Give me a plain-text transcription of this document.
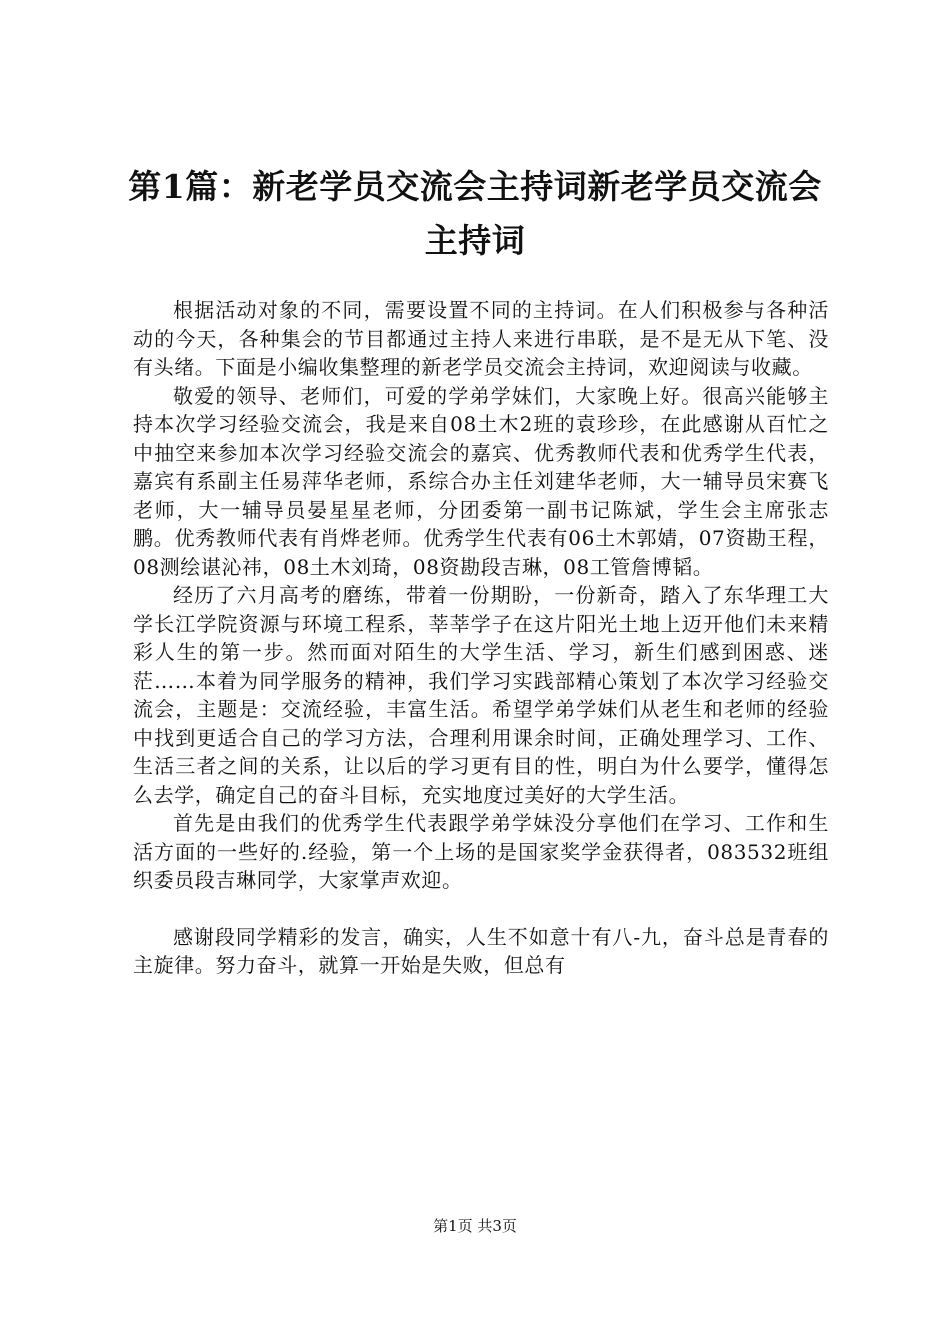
第1篇：新老学员交流会主持词新老学员交流会主持词

根据活动对象的不同，需要设置不同的主持词。在人们积极参与各种活动的今天，各种集会的节目都通过主持人来进行串联，是不是无从下笔、没有头绪。下面是小编收集整理的新老学员交流会主持词，欢迎阅读与收藏。

敬爱的领导、老师们，可爱的学弟学妹们，大家晚上好。很高兴能够主持本次学习经验交流会，我是来自08土木2班的袁珍珍，在此感谢从百忙之中抽空来参加本次学习经验交流会的嘉宾、优秀教师代表和优秀学生代表，嘉宾有系副主任易萍华老师，系综合办主任刘建华老师，大一辅导员宋赛飞老师，大一辅导员晏星星老师，分团委第一副书记陈斌，学生会主席张志鹏。优秀教师代表有肖烨老师。优秀学生代表有06土木郭婧，07资勘王程，08测绘谌沁祎，08土木刘琦，08资勘段吉琳，08工管詹博韬。

经历了六月高考的磨练，带着一份期盼，一份新奇，踏入了东华理工大学长江学院资源与环境工程系，莘莘学子在这片阳光土地上迈开他们未来精彩人生的第一步。然而面对陌生的大学生活、学习，新生们感到困惑、迷茫……本着为同学服务的精神，我们学习实践部精心策划了本次学习经验交流会，主题是：交流经验，丰富生活。希望学弟学妹们从老生和老师的经验中找到更适合自己的学习方法，合理利用课余时间，正确处理学习、工作、生活三者之间的关系，让以后的学习更有目的性，明白为什么要学，懂得怎么去学，确定自己的奋斗目标，充实地度过美好的大学生活。

首先是由我们的优秀学生代表跟学弟学妹没分享他们在学习、工作和生活方面的一些好的.经验，第一个上场的是国家奖学金获得者，083532班组织委员段吉琳同学，大家掌声欢迎。

感谢段同学精彩的发言，确实，人生不如意十有八-九，奋斗总是青春的主旋律。努力奋斗，就算一开始是失败，但总有

第1页 共3页
